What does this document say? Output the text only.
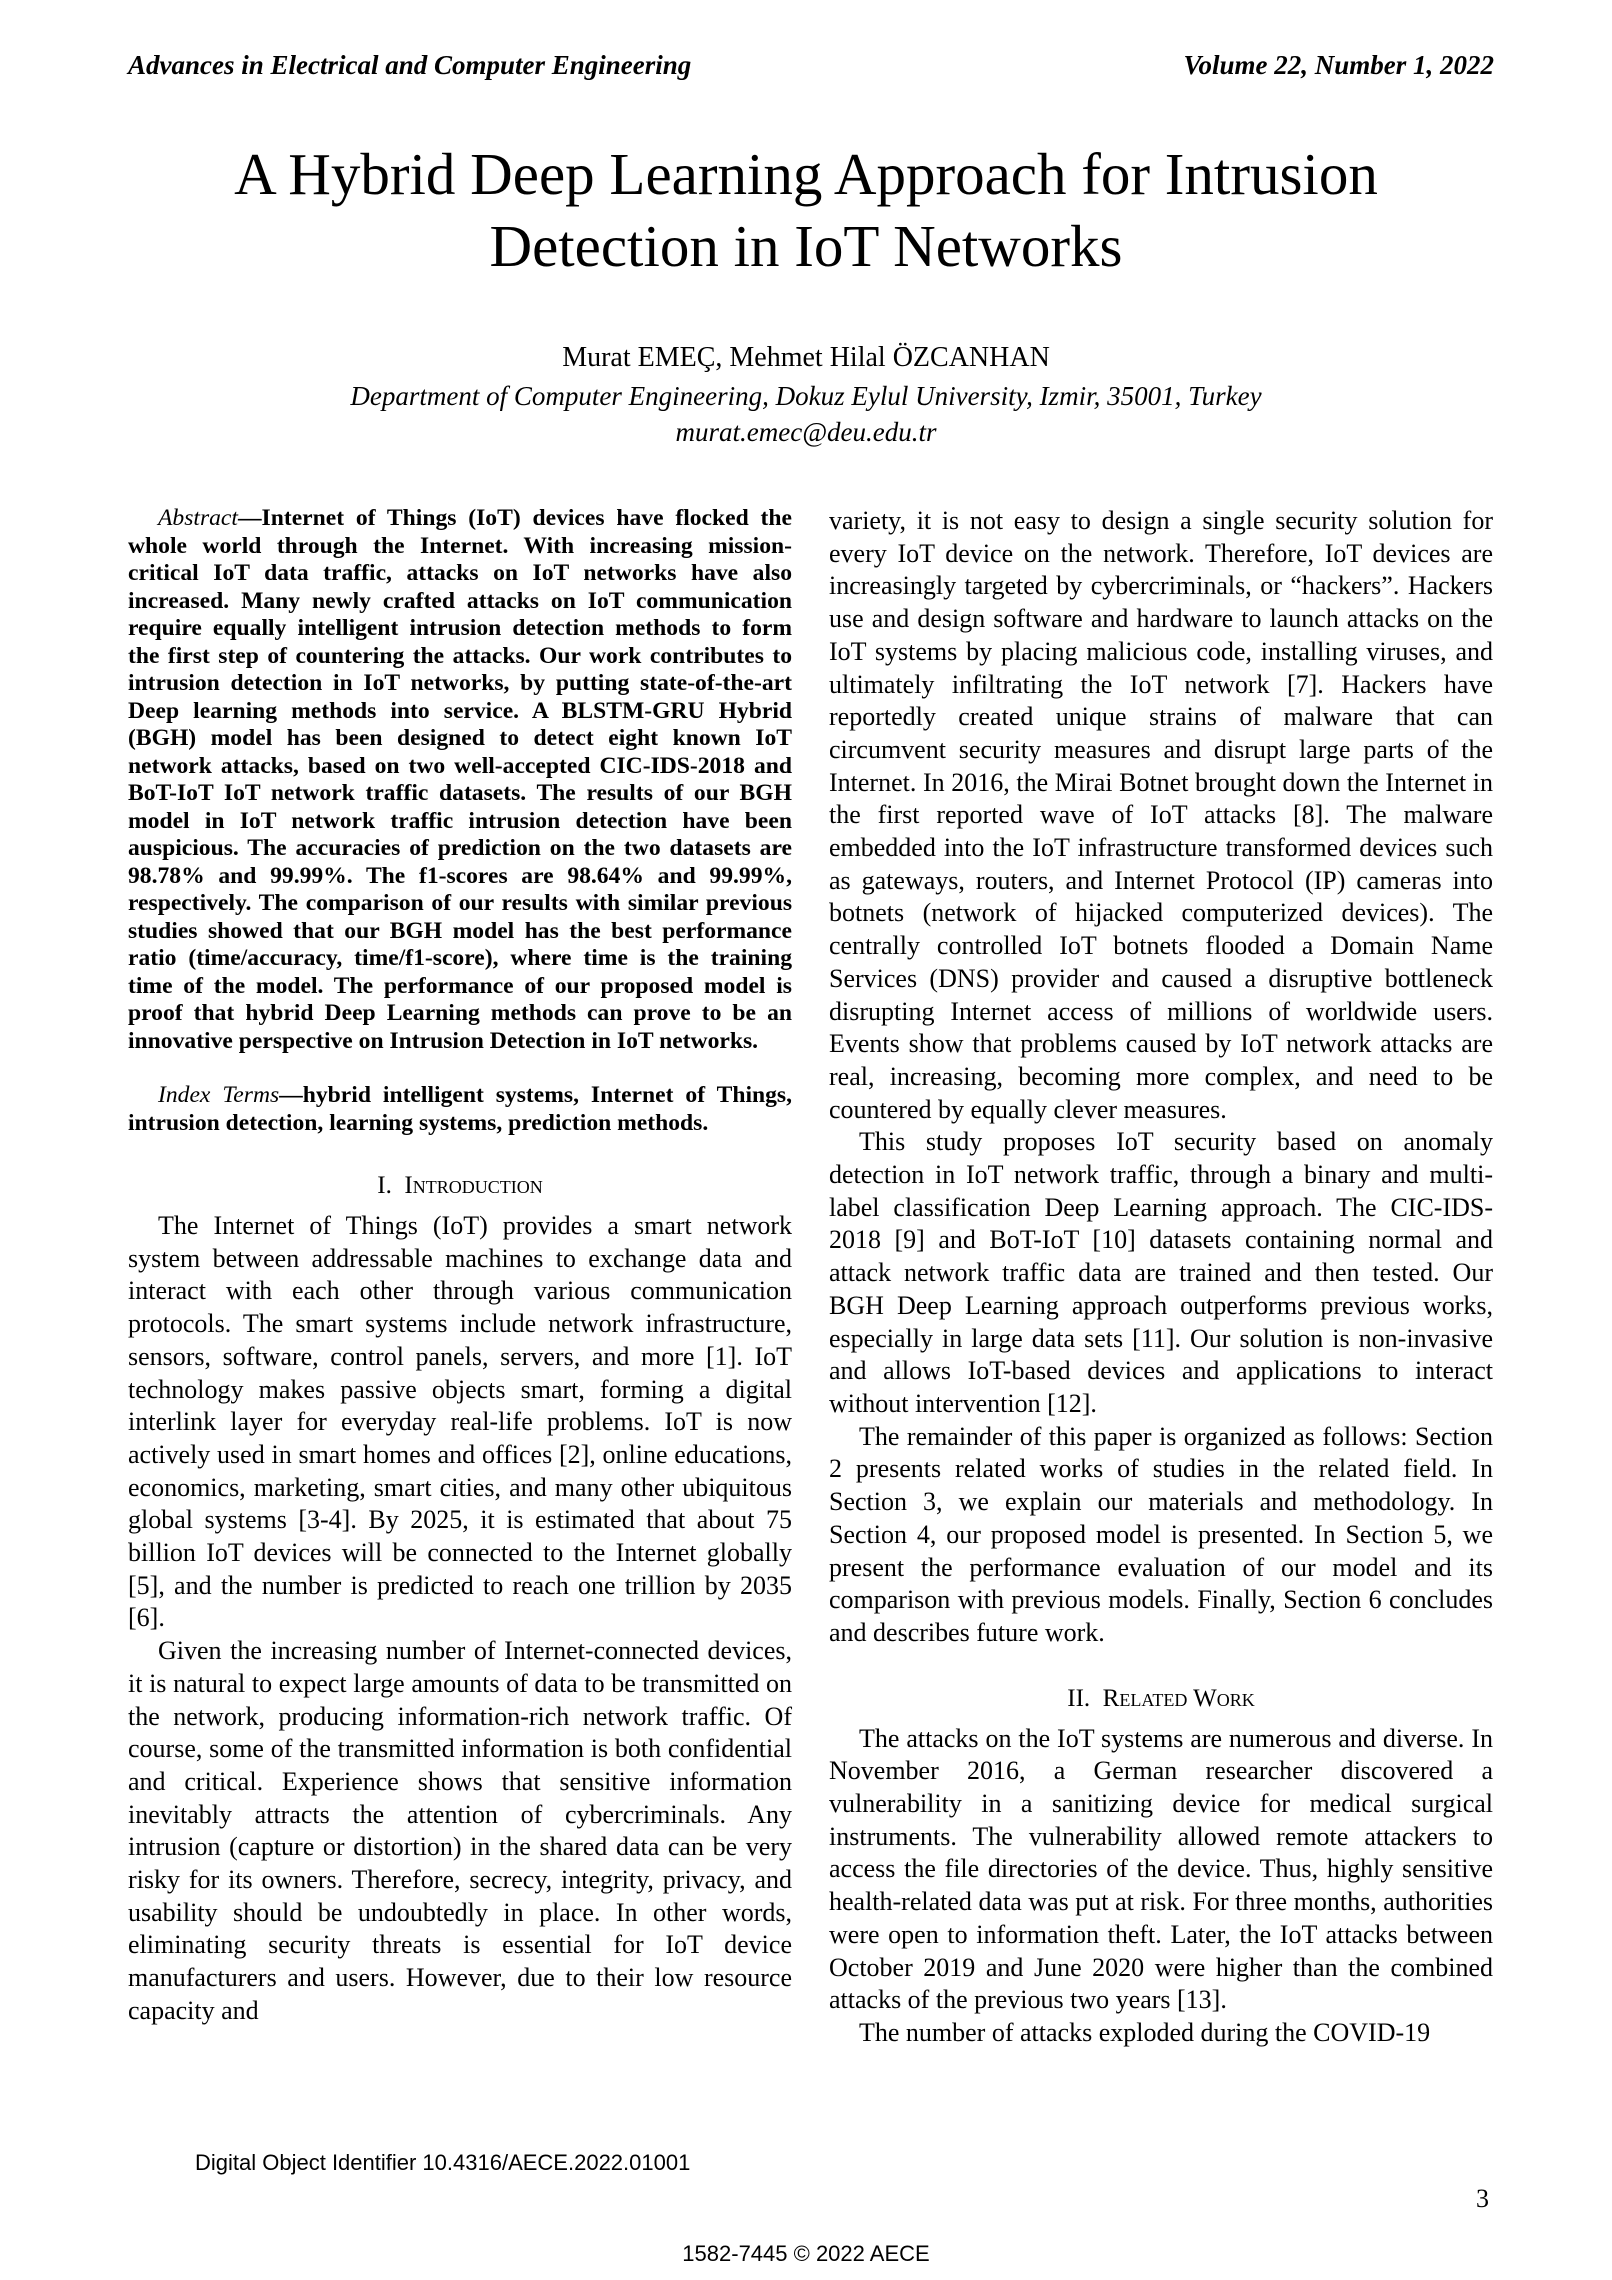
Advances in Electrical and Computer Engineering	Volume 22, Number 1, 2022
A Hybrid Deep Learning Approach for Intrusion
Detection in IoT Networks
Murat EMEÇ, Mehmet Hilal ÖZCANHAN
Department of Computer Engineering, Dokuz Eylul University, Izmir, 35001, Turkey
murat.emec@deu.edu.tr

Abstract—Internet of Things (IoT) devices have flocked the whole world through the Internet. With increasing mission-critical IoT data traffic, attacks on IoT networks have also increased. Many newly crafted attacks on IoT communication require equally intelligent intrusion detection methods to form the first step of countering the attacks. Our work contributes to intrusion detection in IoT networks, by putting state-of-the-art Deep learning methods into service. A BLSTM-GRU Hybrid (BGH) model has been designed to detect eight known IoT network attacks, based on two well-accepted CIC-IDS-2018 and BoT-IoT IoT network traffic datasets. The results of our BGH model in IoT network traffic intrusion detection have been auspicious. The accuracies of prediction on the two datasets are 98.78% and 99.99%. The f1-scores are 98.64% and 99.99%, respectively. The comparison of our results with similar previous studies showed that our BGH model has the best performance ratio (time/accuracy, time/f1-score), where time is the training time of the model. The performance of our proposed model is proof that hybrid Deep Learning methods can prove to be an innovative perspective on Intrusion Detection in IoT networks.

Index Terms—hybrid intelligent systems, Internet of Things, intrusion detection, learning systems, prediction methods.

I. Introduction

The Internet of Things (IoT) provides a smart network system between addressable machines to exchange data and interact with each other through various communication protocols. The smart systems include network infrastructure, sensors, software, control panels, servers, and more [1]. IoT technology makes passive objects smart, forming a digital interlink layer for everyday real-life problems. IoT is now actively used in smart homes and offices [2], online educations, economics, marketing, smart cities, and many other ubiquitous global systems [3-4]. By 2025, it is estimated that about 75 billion IoT devices will be connected to the Internet globally [5], and the number is predicted to reach one trillion by 2035 [6].

Given the increasing number of Internet-connected devices, it is natural to expect large amounts of data to be transmitted on the network, producing information-rich network traffic. Of course, some of the transmitted information is both confidential and critical. Experience shows that sensitive information inevitably attracts the attention of cybercriminals. Any intrusion (capture or distortion) in the shared data can be very risky for its owners. Therefore, secrecy, integrity, privacy, and usability should be undoubtedly in place. In other words, eliminating security threats is essential for IoT device manufacturers and users. However, due to their low resource capacity and

variety, it is not easy to design a single security solution for every IoT device on the network. Therefore, IoT devices are increasingly targeted by cybercriminals, or “hackers”. Hackers use and design software and hardware to launch attacks on the IoT systems by placing malicious code, installing viruses, and ultimately infiltrating the IoT network [7]. Hackers have reportedly created unique strains of malware that can circumvent security measures and disrupt large parts of the Internet. In 2016, the Mirai Botnet brought down the Internet in the first reported wave of IoT attacks [8]. The malware embedded into the IoT infrastructure transformed devices such as gateways, routers, and Internet Protocol (IP) cameras into botnets (network of hijacked computerized devices). The centrally controlled IoT botnets flooded a Domain Name Services (DNS) provider and caused a disruptive bottleneck disrupting Internet access of millions of worldwide users. Events show that problems caused by IoT network attacks are real, increasing, becoming more complex, and need to be countered by equally clever measures.

This study proposes IoT security based on anomaly detection in IoT network traffic, through a binary and multi-label classification Deep Learning approach. The CIC-IDS-2018 [9] and BoT-IoT [10] datasets containing normal and attack network traffic data are trained and then tested. Our BGH Deep Learning approach outperforms previous works, especially in large data sets [11]. Our solution is non-invasive and allows IoT-based devices and applications to interact without intervention [12].

The remainder of this paper is organized as follows: Section 2 presents related works of studies in the related field. In Section 3, we explain our materials and methodology. In Section 4, our proposed model is presented. In Section 5, we present the performance evaluation of our model and its comparison with previous models. Finally, Section 6 concludes and describes future work.

II. Related Work

The attacks on the IoT systems are numerous and diverse. In November 2016, a German researcher discovered a vulnerability in a sanitizing device for medical surgical instruments. The vulnerability allowed remote attackers to access the file directories of the device. Thus, highly sensitive health-related data was put at risk. For three months, authorities were open to information theft. Later, the IoT attacks between October 2019 and June 2020 were higher than the combined attacks of the previous two years [13].

The number of attacks exploded during the COVID-19

Digital Object Identifier 10.4316/AECE.2022.01001
3
1582-7445 © 2022 AECE
